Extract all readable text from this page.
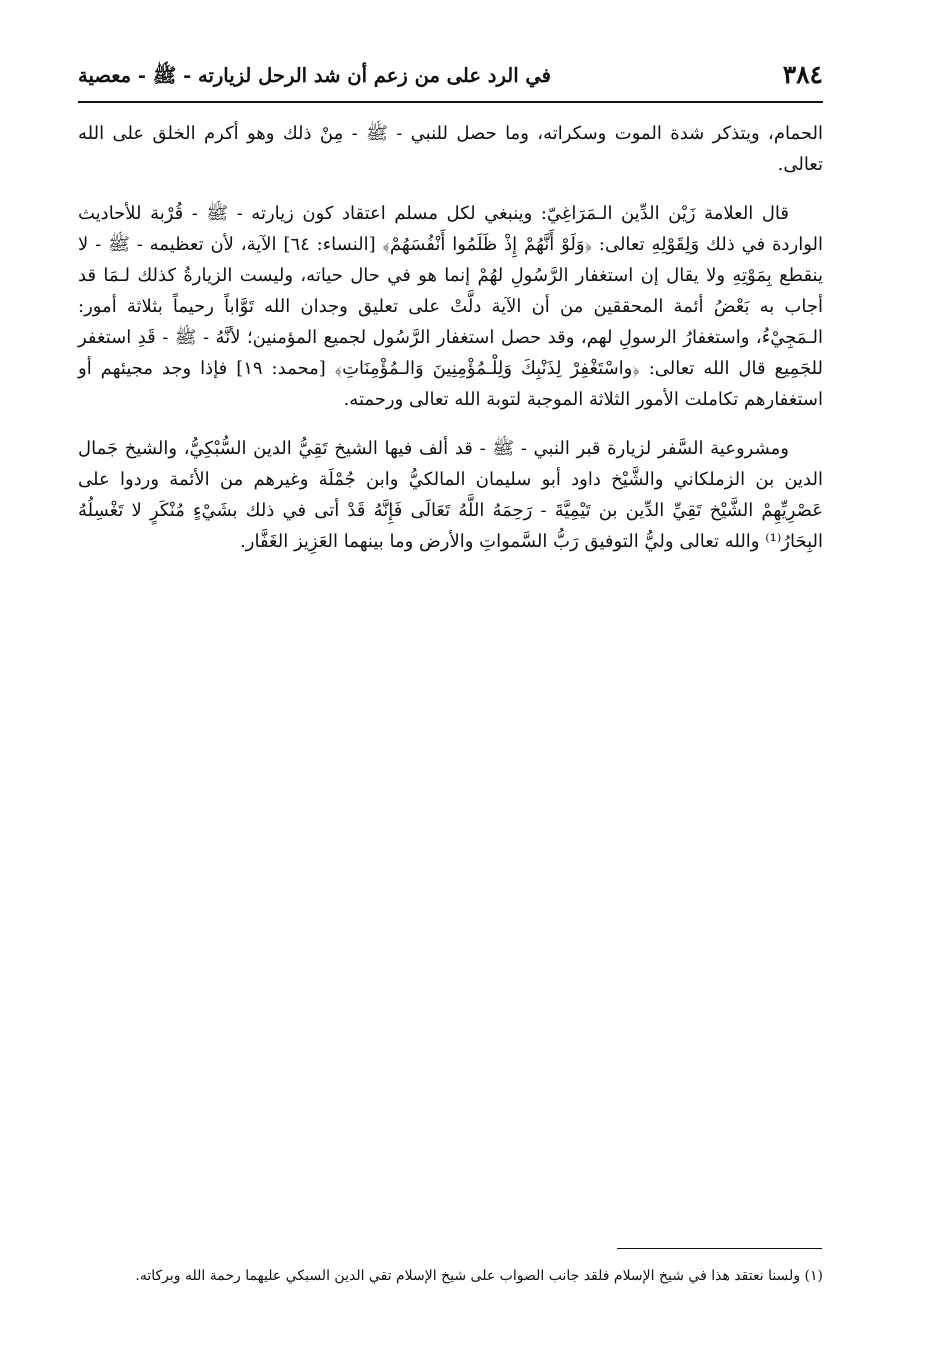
٣٨٤
في الرد على من زعم أن شد الرحل لزيارته - ﷺ - معصية

الحمام، ويتذكر شدة الموت وسكراته، وما حصل للنبي - ﷺ - مِنْ ذلك وهو أكرم الخلق على الله تعالى.

قال العلامة زَيْن الدِّين الـمَرَاغِيّ: وينبغي لكل مسلم اعتقاد كون زيارته - ﷺ - قُرْبة للأحاديث الواردة في ذلك وَلِقَوْلِهِ تعالى: ﴿وَلَوْ أَنَّهُمْ إِذْ ظَلَمُوا أَنْفُسَهُمْ﴾ [النساء: ٦٤] الآية، لأن تعظيمه - ﷺ - لا ينقطع بِمَوْتِهِ ولا يقال إن استغفار الرَّسُولِ لهُمْ إنما هو في حال حياته، وليست الزيارةُ كذلك لـمَا قد أجاب به بَعْضُ أئمة المحققين من أن الآية دلَّتْ على تعليق وجدان الله تَوَّاباً رحيماً بثلاثة أمور: الـمَجِيْءُ، واستغفارُ الرسولِ لهم، وقد حصل استغفار الرَّسُول لجميع المؤمنين؛ لأنَّهُ - ﷺ - قَدِ استغفر للجَمِيع قال الله تعالى: ﴿واسْتَغْفِرْ لِذَنْبِكَ وَلِلْـمُؤْمِنِينَ وَالـمُؤْمِنَاتِ﴾ [محمد: ١٩] فإذا وجد مجيئهم أو استغفارهم تكاملت الأمور الثلاثة الموجبة لتوبة الله تعالى ورحمته.

ومشروعية السَّفر لزيارة قبر النبي - ﷺ - قد ألف فيها الشيخ تَقِيُّ الدين السُّبْكِيُّ، والشيخ جَمال الدين بن الزملكاني والشَّيْخ داود أبو سليمان المالكيُّ وابن جُمْلَة وغيرهم من الأئمة وردوا على عَصْرِيِّهِمْ الشَّيْخ تَقِيِّ الدِّين بن تَيْمِيَّةَ - رَحِمَهُ اللَّهُ تَعَالَى فَإِنَّهُ قَدْ أتى في ذلك بشَيْءٍ مُنْكَرٍ لا تَغْسِلُهُ البِحَارُ⁽¹⁾ والله تعالى وليُّ التوفيق رَبُّ السَّمواتِ والأرض وما بينهما العَزِيز الغَفَّار.

(١) ولسنا نعتقد هذا في شيخ الإسلام فلقد جانب الصواب على شيخ الإسلام تقي الدين السبكي عليهما رحمة الله وبركاته.
